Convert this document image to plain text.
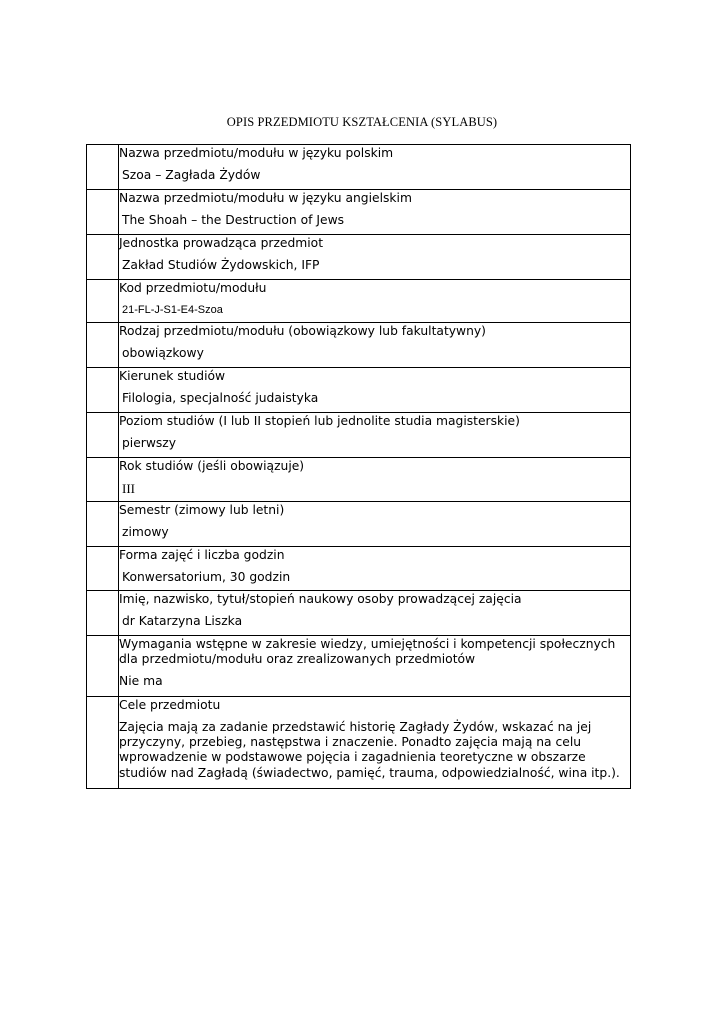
OPIS PRZEDMIOTU KSZTAŁCENIA (SYLABUS)

	Nazwa przedmiotu/modułu w języku polskim
Szoa – Zagłada Żydów

	Nazwa przedmiotu/modułu w języku angielskim
The Shoah – the Destruction of Jews

	Jednostka prowadząca przedmiot
Zakład Studiów Żydowskich, IFP

	Kod przedmiotu/modułu
21-FL-J-S1-E4-Szoa

	Rodzaj przedmiotu/modułu (obowiązkowy lub fakultatywny)
obowiązkowy

	Kierunek studiów
Filologia, specjalność judaistyka

	Poziom studiów (I lub II stopień lub jednolite studia magisterskie)
pierwszy

	Rok studiów (jeśli obowiązuje)
III

	Semestr (zimowy lub letni)
zimowy

	Forma zajęć i liczba godzin
Konwersatorium, 30 godzin

	Imię, nazwisko, tytuł/stopień naukowy osoby prowadzącej zajęcia
dr Katarzyna Liszka

	Wymagania wstępne w zakresie wiedzy, umiejętności i kompetencji społecznych
dla przedmiotu/modułu oraz zrealizowanych przedmiotów
Nie ma

	Cele przedmiotu
Zajęcia mają za zadanie przedstawić historię Zagłady Żydów, wskazać na jej
przyczyny, przebieg, następstwa i znaczenie. Ponadto zajęcia mają na celu
wprowadzenie w podstawowe pojęcia i zagadnienia teoretyczne w obszarze
studiów nad Zagładą (świadectwo, pamięć, trauma, odpowiedzialność, wina itp.).
